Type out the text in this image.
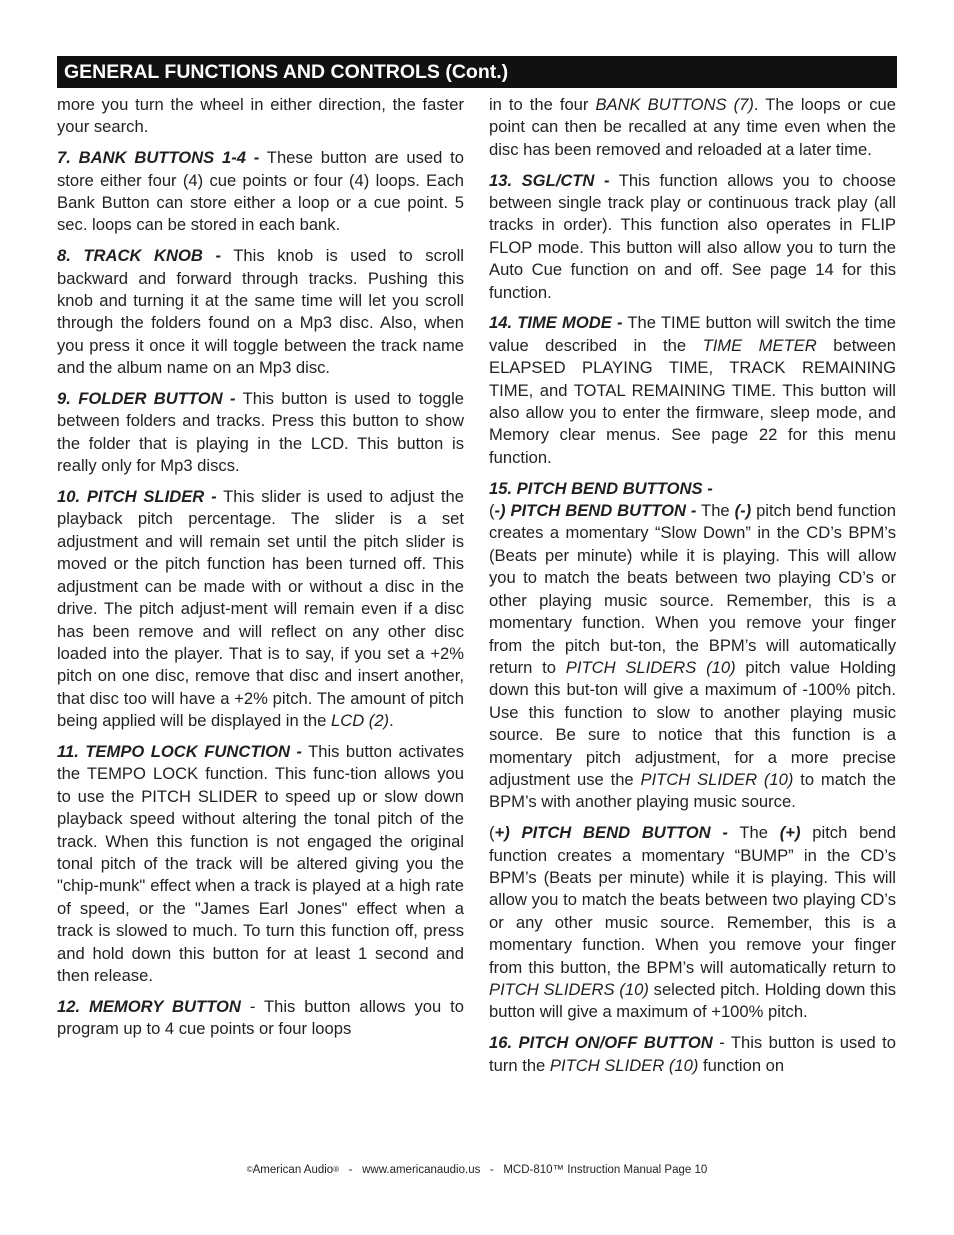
GENERAL FUNCTIONS AND CONTROLS (Cont.)

more you turn the wheel in either direction, the faster your search.

7. BANK BUTTONS 1-4 - These button are used to store either four (4) cue points or four (4) loops. Each Bank Button can store either a loop or a cue point. 5 sec. loops can be stored in each bank.

8. TRACK KNOB - This knob is used to scroll backward and forward through tracks. Pushing this knob and turning it at the same time will let you scroll through the folders found on a Mp3 disc. Also, when you press it once it will toggle between the track name and the album name on an Mp3 disc.

9. FOLDER BUTTON - This button is used to toggle between folders and tracks. Press this button to show the folder that is playing in the LCD. This button is really only for Mp3 discs.

10. PITCH SLIDER - This slider is used to adjust the playback pitch percentage. The slider is a set adjustment and will remain set until the pitch slider is moved or the pitch function has been turned off. This adjustment can be made with or without a disc in the drive. The pitch adjust-ment will remain even if a disc has been remove and will reflect on any other disc loaded into the player. That is to say, if you set a +2% pitch on one disc, remove that disc and insert another, that disc too will have a +2% pitch. The amount of pitch being applied will be displayed in the LCD (2).

11. TEMPO LOCK FUNCTION - This button activates the TEMPO LOCK function. This func-tion allows you to use the PITCH SLIDER to speed up or slow down playback speed without altering the tonal pitch of the track. When this function is not engaged the original tonal pitch of the track will be altered giving you the "chip-munk" effect when a track is played at a high rate of speed, or the "James Earl Jones" effect when a track is slowed to much. To turn this function off, press and hold down this button for at least 1 second and then release.

12. MEMORY BUTTON - This button allows you to program up to 4 cue points or four loops

in to the four BANK BUTTONS (7). The loops or cue point can then be recalled at any time even when the disc has been removed and reloaded at a later time.

13. SGL/CTN - This function allows you to choose between single track play or continuous track play (all tracks in order). This function also operates in FLIP FLOP mode. This button will also allow you to turn the Auto Cue function on and off. See page 14 for this function.

14. TIME MODE - The TIME button will switch the time value described in the TIME METER between ELAPSED PLAYING TIME, TRACK REMAINING TIME, and TOTAL REMAINING TIME. This button will also allow you to enter the firmware, sleep mode, and Memory clear menus. See page 22 for this menu function.

15. PITCH BEND BUTTONS -
(-) PITCH BEND BUTTON - The (-) pitch bend function creates a momentary “Slow Down” in the CD’s BPM’s (Beats per minute) while it is playing. This will allow you to match the beats between two playing CD’s or other playing music source. Remember, this is a momentary function. When you remove your finger from the pitch but-ton, the BPM’s will automatically return to PITCH SLIDERS (10) pitch value Holding down this but-ton will give a maximum of -100% pitch. Use this function to slow to another playing music source. Be sure to notice that this function is a momentary pitch adjustment, for a more precise adjustment use the PITCH SLIDER (10) to match the BPM’s with another playing music source.

(+) PITCH BEND BUTTON - The (+) pitch bend function creates a momentary “BUMP” in the CD’s BPM’s (Beats per minute) while it is playing. This will allow you to match the beats between two playing CD’s or any other music source. Remember, this is a momentary function. When you remove your finger from this button, the BPM’s will automatically return to PITCH SLIDERS (10) selected pitch. Holding down this button will give a maximum of +100% pitch.

16. PITCH ON/OFF BUTTON - This button is used to turn the PITCH SLIDER (10) function on

©American Audio®   -   www.americanaudio.us   -   MCD-810™ Instruction Manual Page 10
